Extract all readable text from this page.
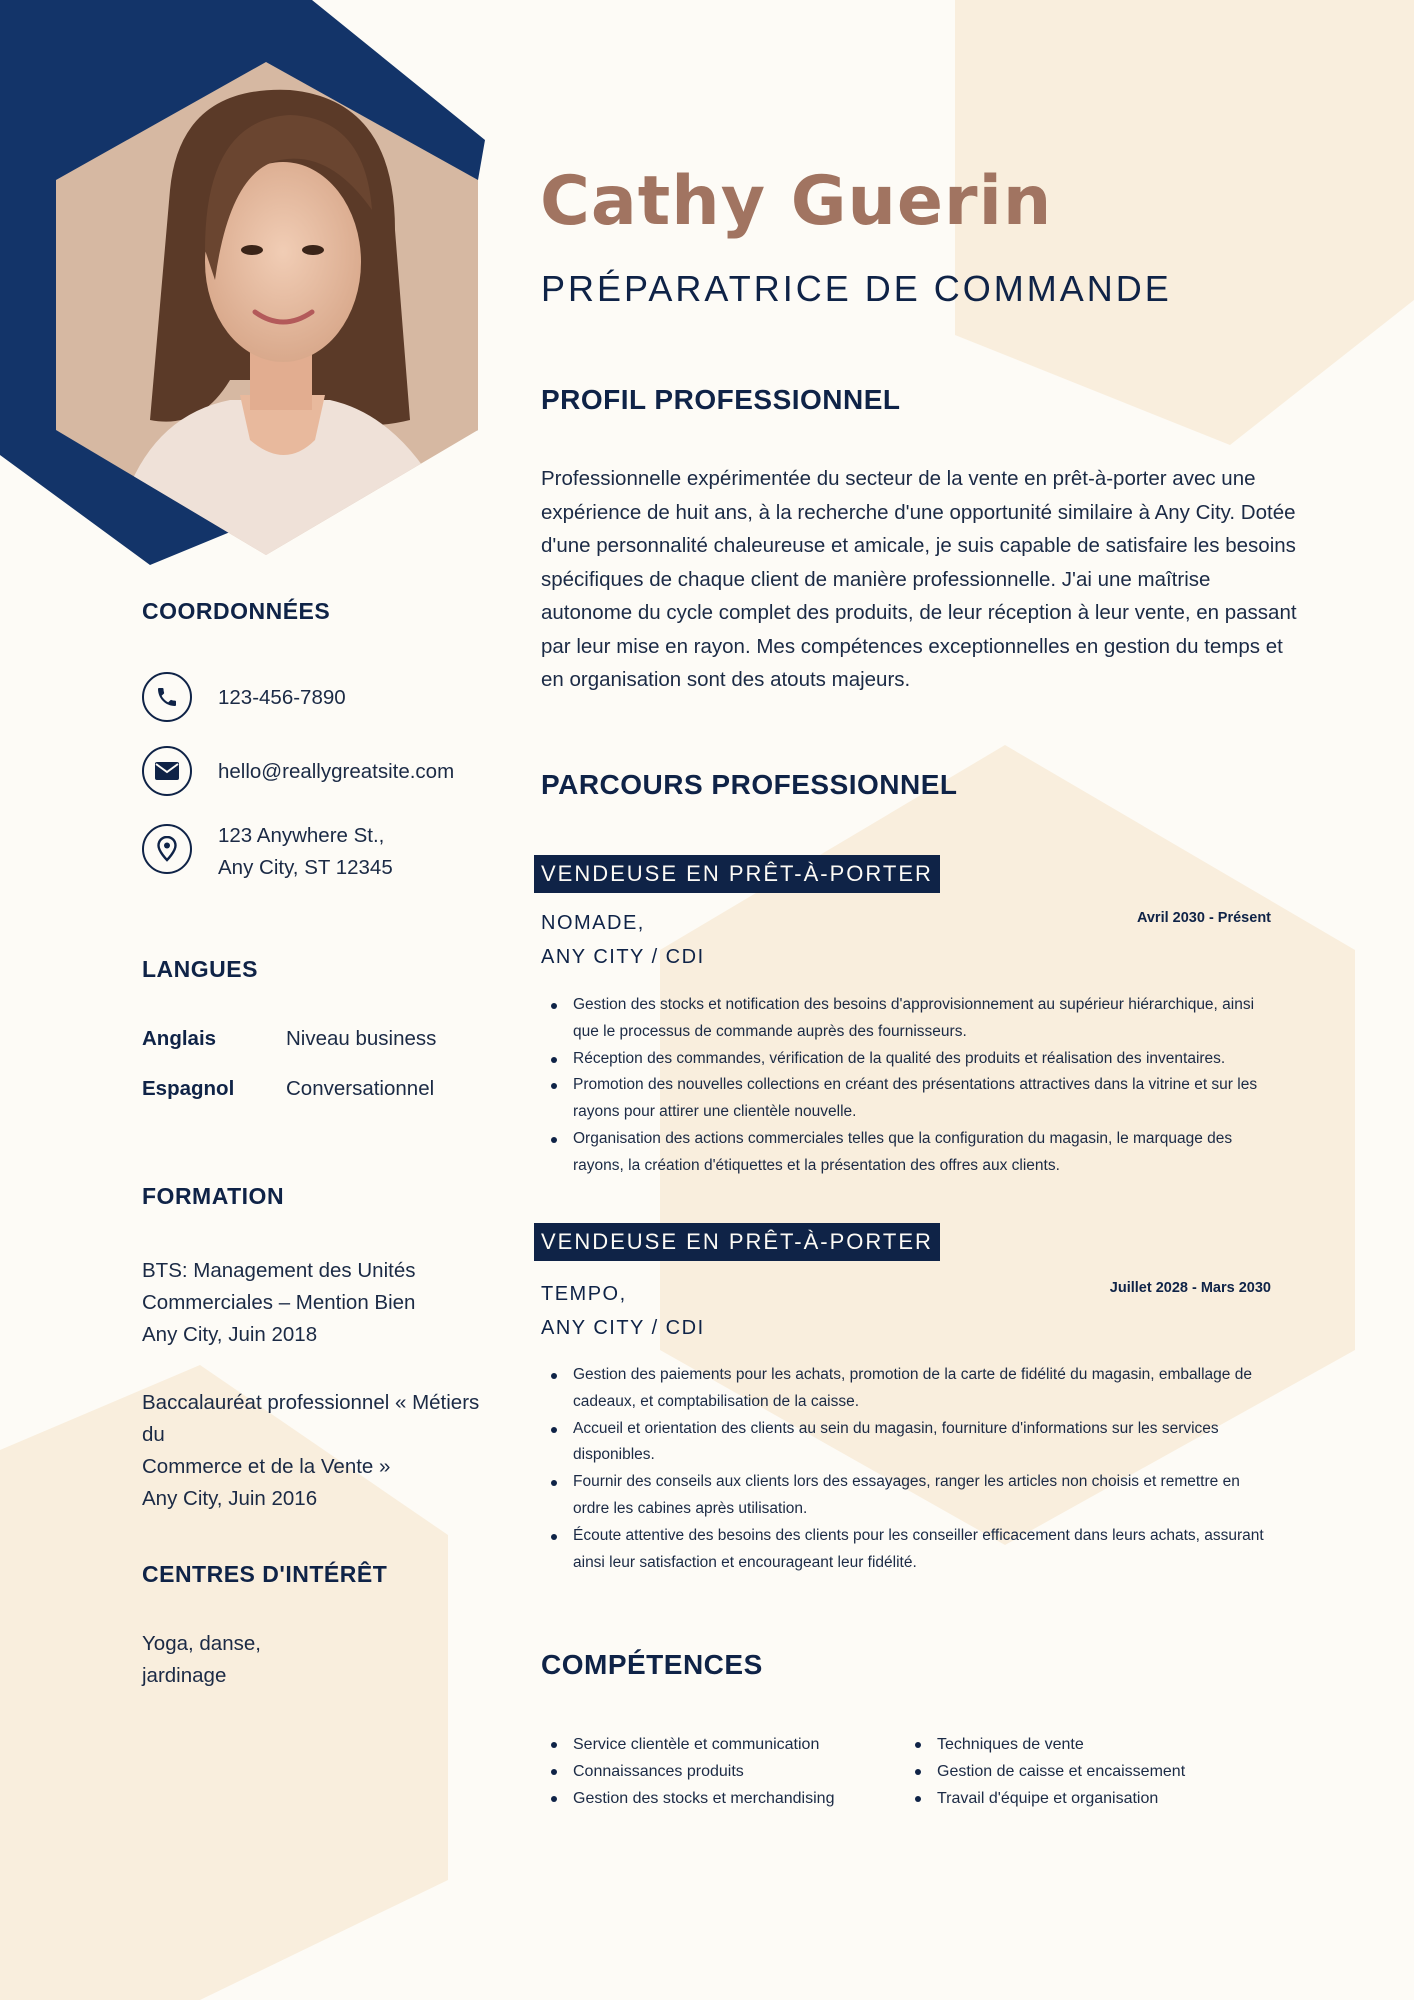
Cathy Guerin
PRÉPARATRICE DE COMMANDE
PROFIL PROFESSIONNEL
Professionnelle expérimentée du secteur de la vente en prêt-à-porter avec une expérience de huit ans, à la recherche d'une opportunité similaire à Any City. Dotée d'une personnalité chaleureuse et amicale, je suis capable de satisfaire les besoins spécifiques de chaque client de manière professionnelle. J'ai une maîtrise autonome du cycle complet des produits, de leur réception à leur vente, en passant par leur mise en rayon. Mes compétences exceptionnelles en gestion du temps et en organisation sont des atouts majeurs.
COORDONNÉES
123-456-7890
hello@reallygreatsite.com
123 Anywhere St.,
Any City, ST 12345
LANGUES
Anglais	Niveau business
Espagnol	Conversationnel
FORMATION
BTS: Management des Unités
Commerciales – Mention Bien
Any City, Juin 2018
Baccalauréat professionnel « Métiers du
Commerce et de la Vente »
Any City, Juin 2016
CENTRES D'INTÉRÊT
Yoga, danse,
jardinage
PARCOURS PROFESSIONNEL
VENDEUSE EN PRÊT-À-PORTER
NOMADE,
ANY CITY / CDI
Avril 2030 - Présent
Gestion des stocks et notification des besoins d'approvisionnement au supérieur hiérarchique, ainsi que le processus de commande auprès des fournisseurs.
Réception des commandes, vérification de la qualité des produits et réalisation des inventaires.
Promotion des nouvelles collections en créant des présentations attractives dans la vitrine et sur les rayons pour attirer une clientèle nouvelle.
Organisation des actions commerciales telles que la configuration du magasin, le marquage des rayons, la création d'étiquettes et la présentation des offres aux clients.
VENDEUSE EN PRÊT-À-PORTER
TEMPO,
ANY CITY / CDI
Juillet 2028 - Mars 2030
Gestion des paiements pour les achats, promotion de la carte de fidélité du magasin, emballage de cadeaux, et comptabilisation de la caisse.
Accueil et orientation des clients au sein du magasin, fourniture d'informations sur les services disponibles.
Fournir des conseils aux clients lors des essayages, ranger les articles non choisis et remettre en ordre les cabines après utilisation.
Écoute attentive des besoins des clients pour les conseiller efficacement dans leurs achats, assurant ainsi leur satisfaction et encourageant leur fidélité.
COMPÉTENCES
Service clientèle et communication
Connaissances produits
Gestion des stocks et merchandising
Techniques de vente
Gestion de caisse et encaissement
Travail d'équipe et organisation
